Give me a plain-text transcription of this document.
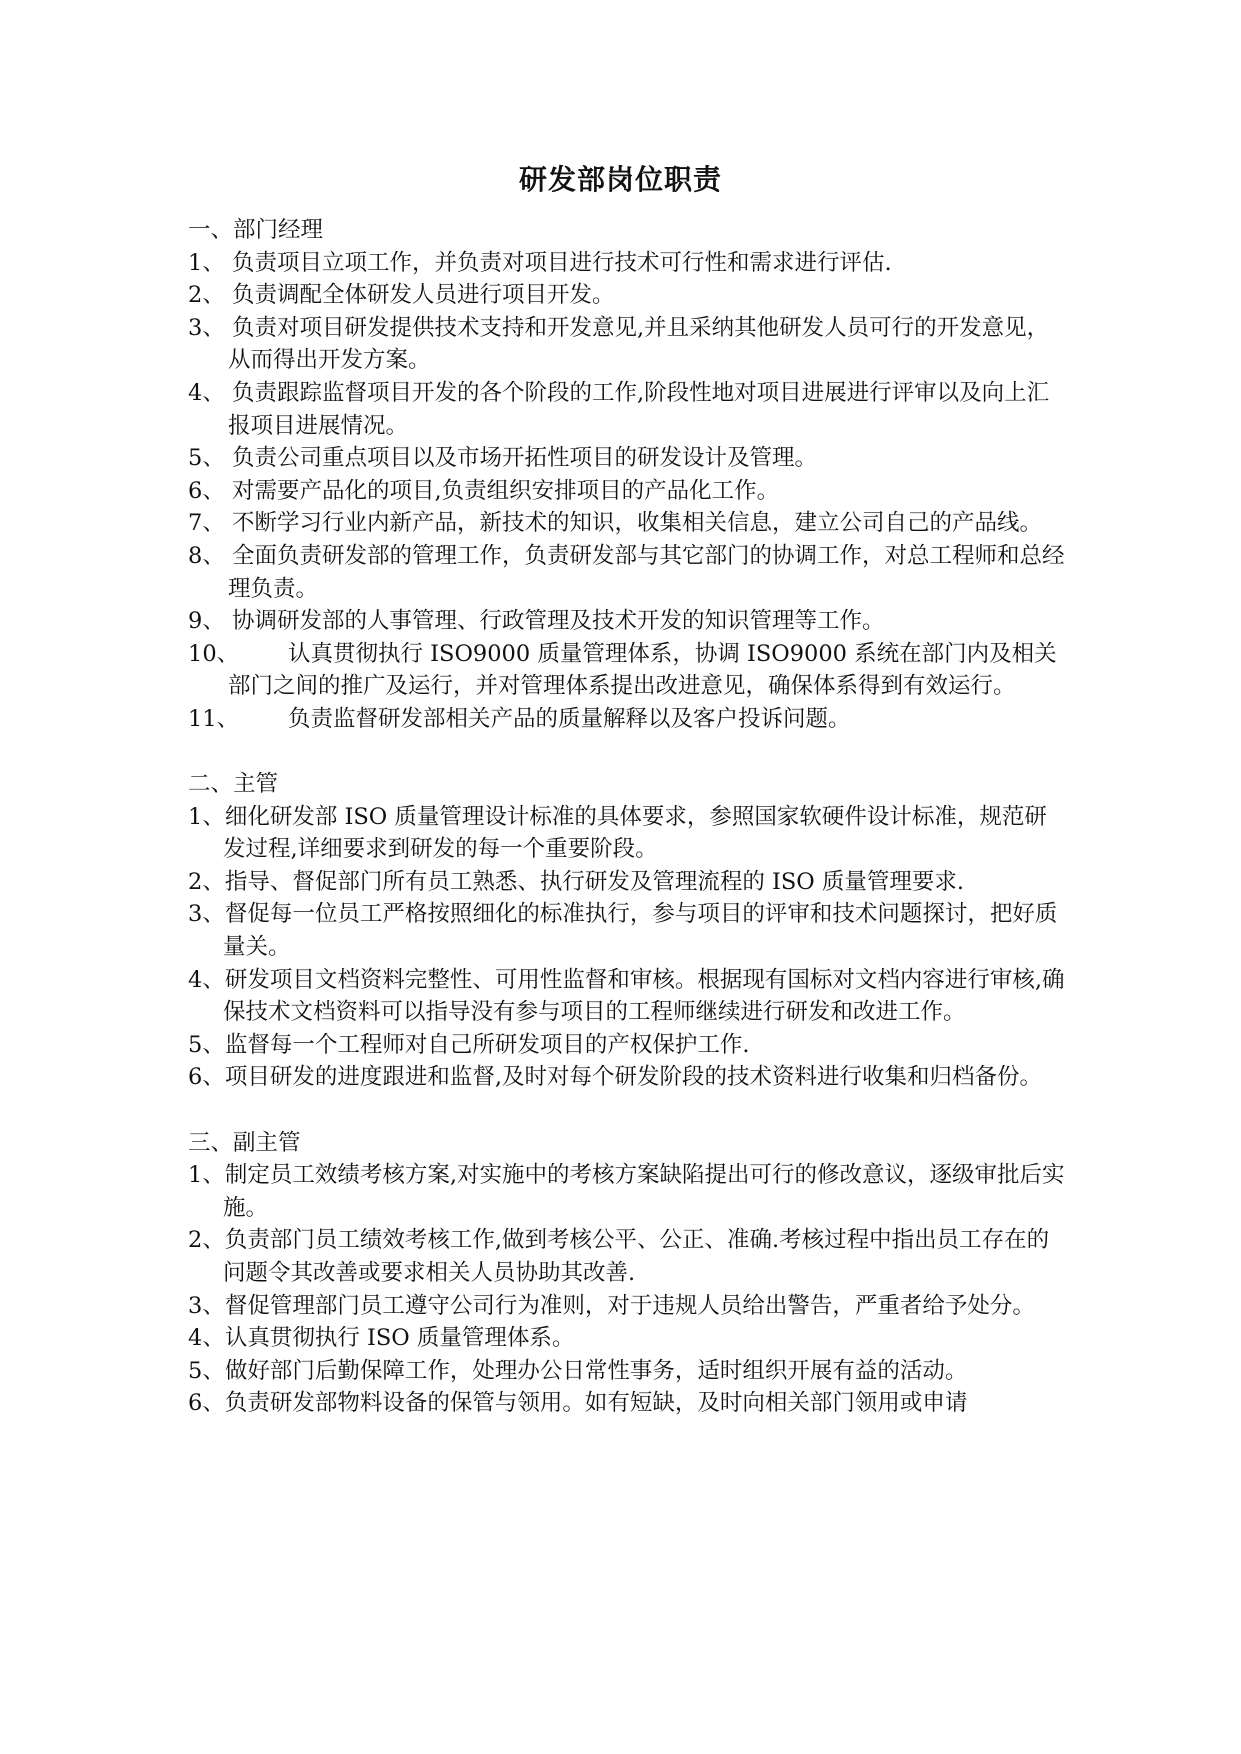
研发部岗位职责

一、部门经理

1、 负责项目立项工作，并负责对项目进行技术可行性和需求进行评估.

2、 负责调配全体研发人员进行项目开发。

3、 负责对项目研发提供技术支持和开发意见,并且采纳其他研发人员可行的开发意见，从而得出开发方案。

4、 负责跟踪监督项目开发的各个阶段的工作,阶段性地对项目进展进行评审以及向上汇报项目进展情况。

5、 负责公司重点项目以及市场开拓性项目的研发设计及管理。

6、 对需要产品化的项目,负责组织安排项目的产品化工作。

7、 不断学习行业内新产品，新技术的知识，收集相关信息，建立公司自己的产品线。

8、 全面负责研发部的管理工作，负责研发部与其它部门的协调工作，对总工程师和总经理负责。

9、 协调研发部的人事管理、行政管理及技术开发的知识管理等工作。

10、 认真贯彻执行 ISO9000 质量管理体系，协调 ISO9000 系统在部门内及相关部门之间的推广及运行，并对管理体系提出改进意见，确保体系得到有效运行。

11、 负责监督研发部相关产品的质量解释以及客户投诉问题。

二、主管

1、细化研发部 ISO 质量管理设计标准的具体要求，参照国家软硬件设计标准，规范研发过程,详细要求到研发的每一个重要阶段。

2、指导、督促部门所有员工熟悉、执行研发及管理流程的 ISO 质量管理要求.

3、督促每一位员工严格按照细化的标准执行，参与项目的评审和技术问题探讨，把好质量关。

4、研发项目文档资料完整性、可用性监督和审核。根据现有国标对文档内容进行审核,确保技术文档资料可以指导没有参与项目的工程师继续进行研发和改进工作。

5、监督每一个工程师对自己所研发项目的产权保护工作.

6、项目研发的进度跟进和监督,及时对每个研发阶段的技术资料进行收集和归档备份。

三、副主管

1、制定员工效绩考核方案,对实施中的考核方案缺陷提出可行的修改意议，逐级审批后实施。

2、负责部门员工绩效考核工作,做到考核公平、公正、准确.考核过程中指出员工存在的问题令其改善或要求相关人员协助其改善.

3、督促管理部门员工遵守公司行为准则，对于违规人员给出警告，严重者给予处分。

4、认真贯彻执行 ISO 质量管理体系。

5、做好部门后勤保障工作，处理办公日常性事务，适时组织开展有益的活动。

6、负责研发部物料设备的保管与领用。如有短缺，及时向相关部门领用或申请
